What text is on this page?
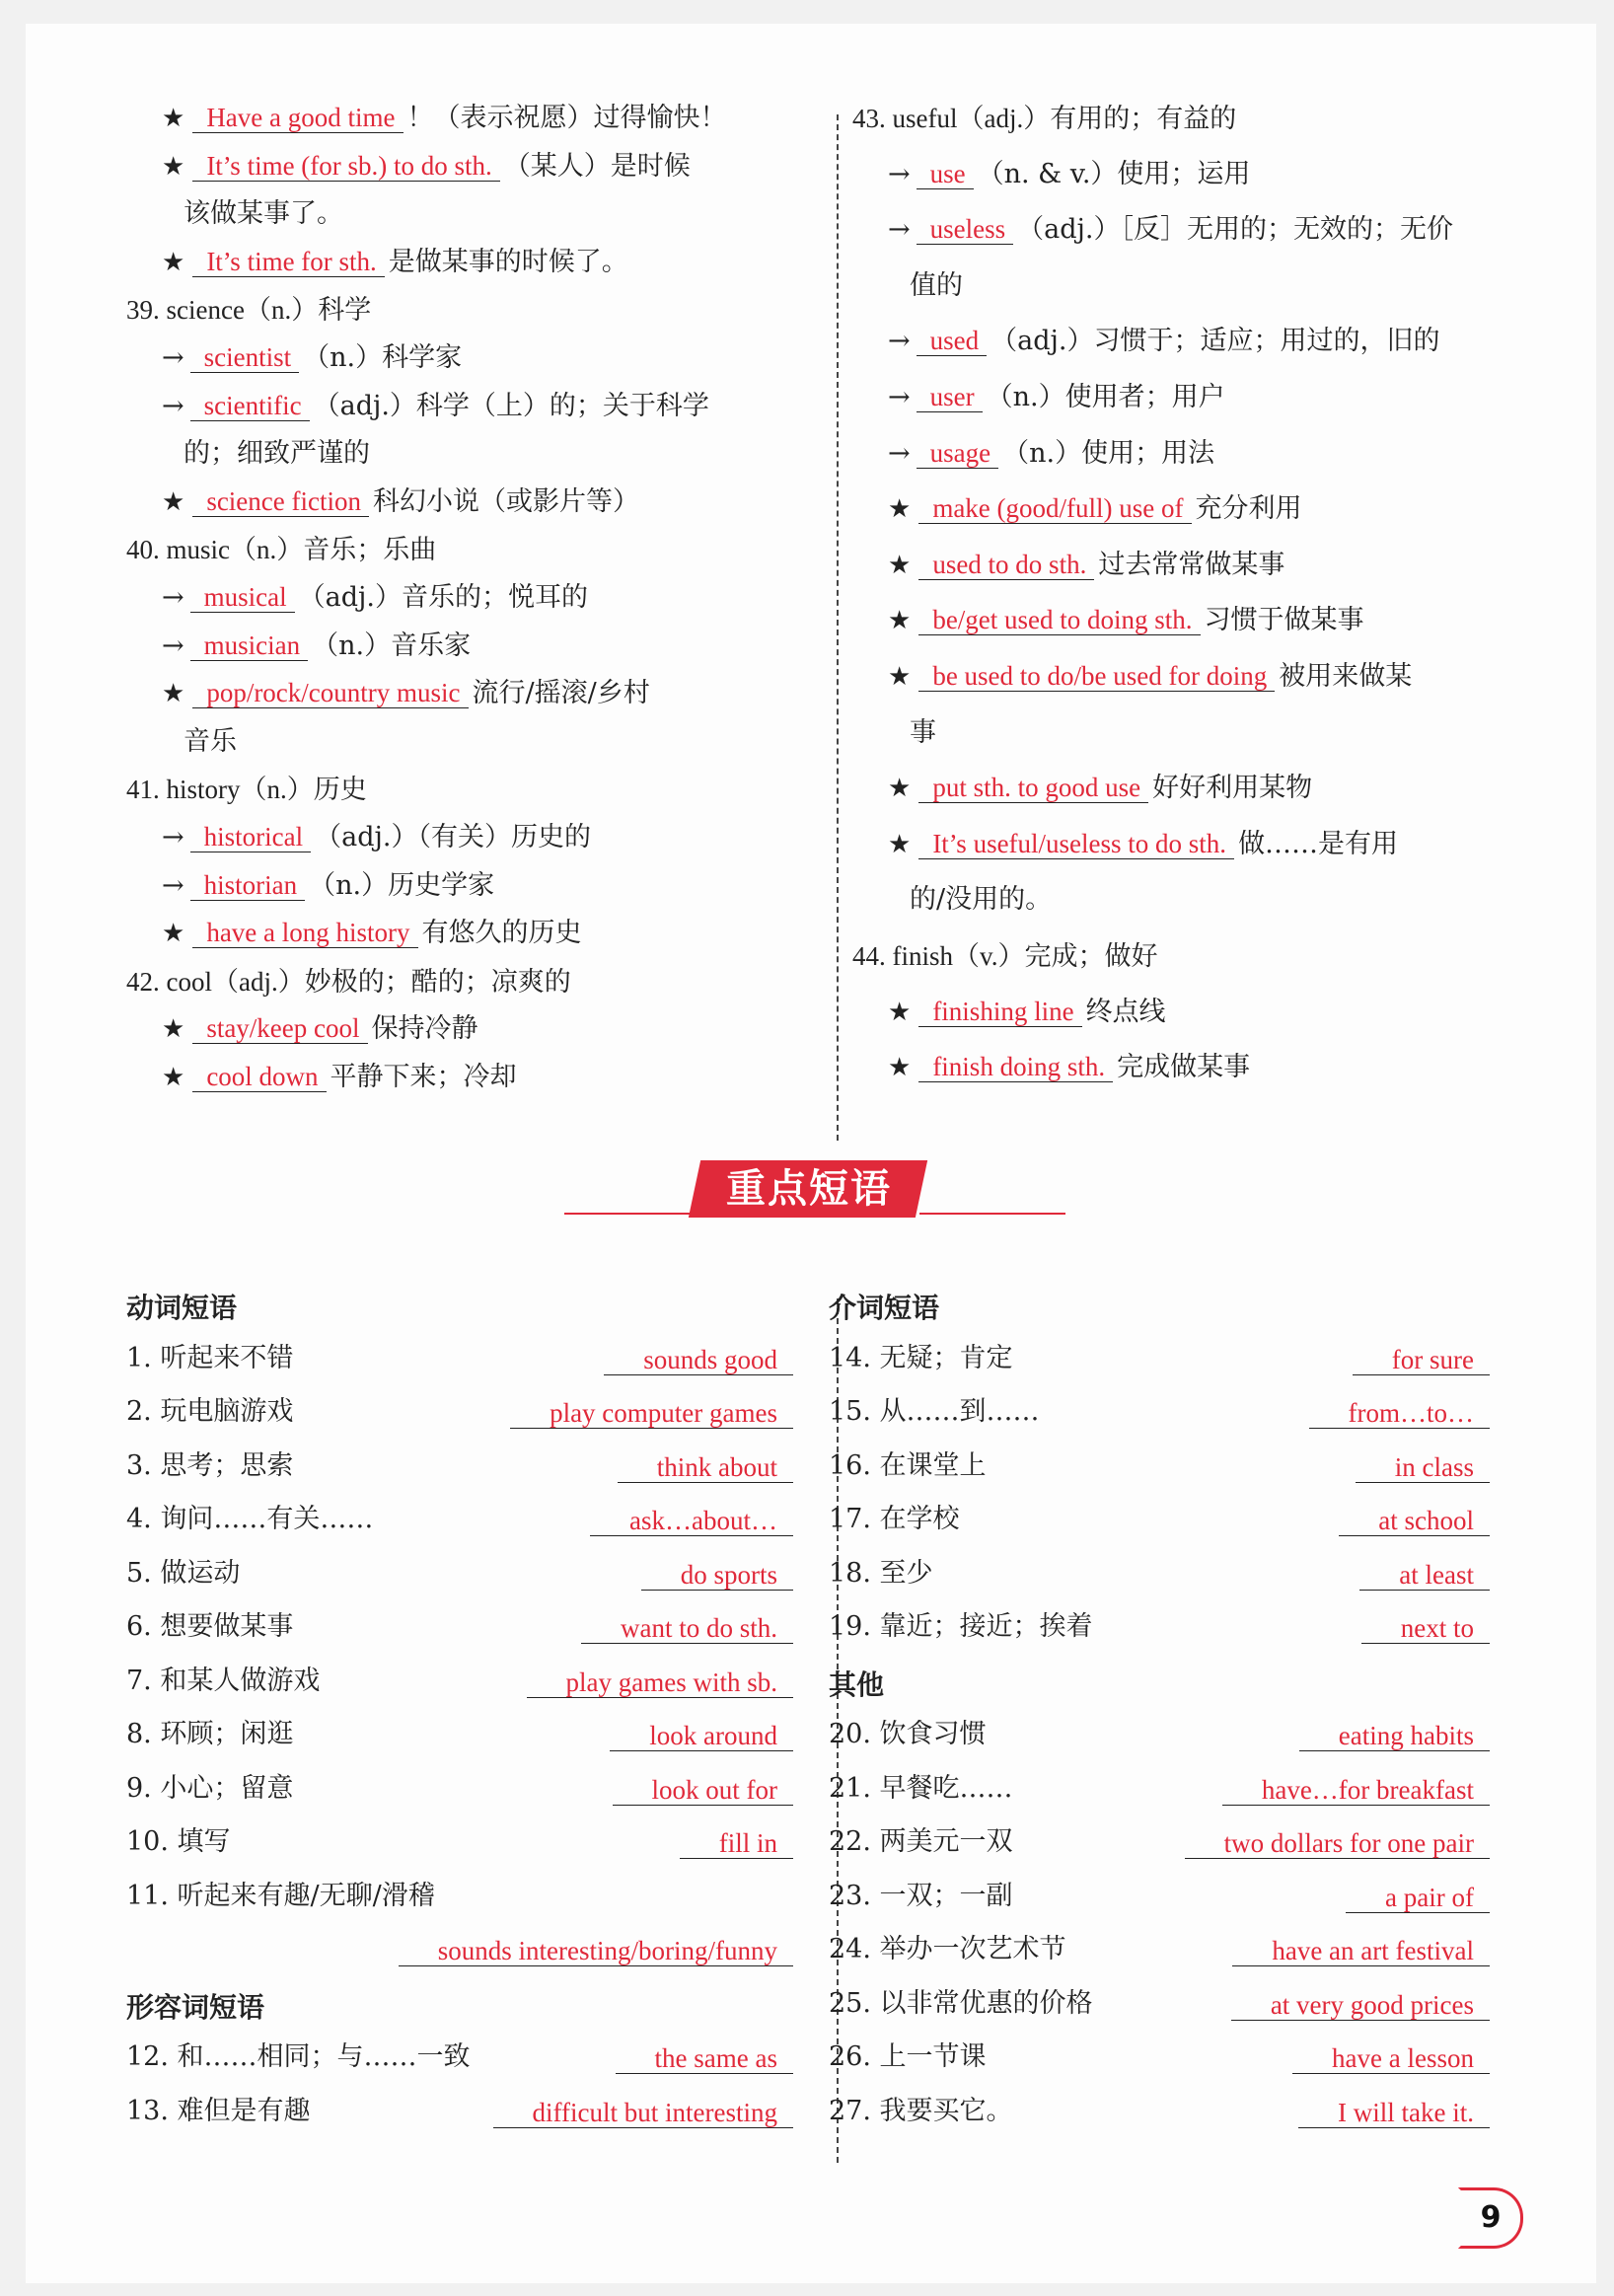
★ Have a good time ！（表示祝愿）过得愉快！
★ It’s time (for sb.) to do sth. （某人）是时候
该做某事了。
★ It’s time for sth. 是做某事的时候了。
39. science（n.）科学
→ scientist （n.）科学家
→ scientific （adj.）科学（上）的；关于科学
的；细致严谨的
★ science fiction 科幻小说（或影片等）
40. music（n.）音乐；乐曲
→ musical （adj.）音乐的；悦耳的
→ musician （n.）音乐家
★ pop/rock/country music 流行/摇滚/乡村
音乐
41. history（n.）历史
→ historical （adj.）（有关）历史的
→ historian （n.）历史学家
★ have a long history 有悠久的历史
42. cool（adj.）妙极的；酷的；凉爽的
★ stay/keep cool 保持冷静
★ cool down 平静下来；冷却
43. useful（adj.）有用的；有益的
→ use （n. & v.）使用；运用
→ useless （adj.）［反］无用的；无效的；无价
值的
→ used （adj.）习惯于；适应；用过的，旧的
→ user （n.）使用者；用户
→ usage （n.）使用；用法
★ make (good/full) use of 充分利用
★ used to do sth. 过去常常做某事
★ be/get used to doing sth. 习惯于做某事
★ be used to do/be used for doing 被用来做某
事
★ put sth. to good use 好好利用某物
★ It’s useful/useless to do sth. 做……是有用
的/没用的。
44. finish（v.）完成；做好
★ finishing line 终点线
★ finish doing sth. 完成做某事
重点短语
动词短语
1. 听起来不错	sounds good
2. 玩电脑游戏	play computer games
3. 思考；思索	think about
4. 询问……有关……	ask…about…
5. 做运动	do sports
6. 想要做某事	want to do sth.
7. 和某人做游戏	play games with sb.
8. 环顾；闲逛	look around
9. 小心；留意	look out for
10. 填写	fill in
11. 听起来有趣/无聊/滑稽
sounds interesting/boring/funny
形容词短语
12. 和……相同；与……一致	the same as
13. 难但是有趣	difficult but interesting
介词短语
14. 无疑；肯定	for sure
15. 从……到……	from…to…
16. 在课堂上	in class
17. 在学校	at school
18. 至少	at least
19. 靠近；接近；挨着	next to
其他
20. 饮食习惯	eating habits
21. 早餐吃……	have…for breakfast
22. 两美元一双	two dollars for one pair
23. 一双；一副	a pair of
24. 举办一次艺术节	have an art festival
25. 以非常优惠的价格	at very good prices
26. 上一节课	have a lesson
27. 我要买它。	I will take it.
9
